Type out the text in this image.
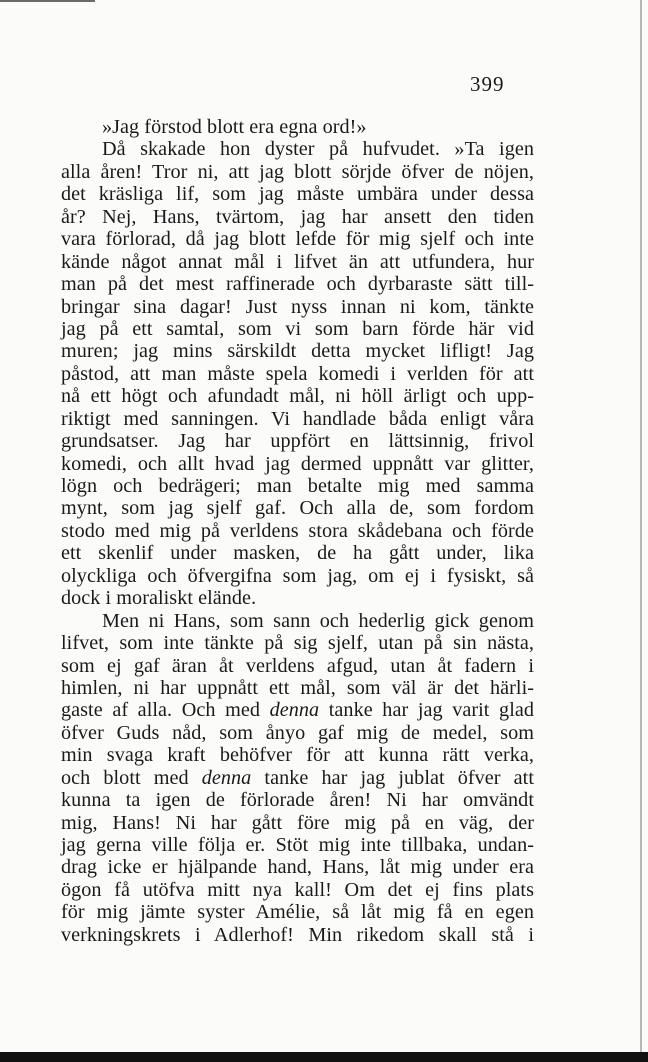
399
»Jag förstod blott era egna ord!»
Då skakade hon dyster på hufvudet. »Ta igen
alla åren! Tror ni, att jag blott sörjde öfver de nöjen,
det kräsliga lif, som jag måste umbära under dessa
år? Nej, Hans, tvärtom, jag har ansett den tiden
vara förlorad, då jag blott lefde för mig sjelf och inte
kände något annat mål i lifvet än att utfundera, hur
man på det mest raffinerade och dyrbaraste sätt till-
bringar sina dagar! Just nyss innan ni kom, tänkte
jag på ett samtal, som vi som barn förde här vid
muren; jag mins särskildt detta mycket lifligt! Jag
påstod, att man måste spela komedi i verlden för att
nå ett högt och afundadt mål, ni höll ärligt och upp-
riktigt med sanningen. Vi handlade båda enligt våra
grundsatser. Jag har uppfört en lättsinnig, frivol
komedi, och allt hvad jag dermed uppnått var glitter,
lögn och bedrägeri; man betalte mig med samma
mynt, som jag sjelf gaf. Och alla de, som fordom
stodo med mig på verldens stora skådebana och förde
ett skenlif under masken, de ha gått under, lika
olyckliga och öfvergifna som jag, om ej i fysiskt, så
dock i moraliskt elände.
Men ni Hans, som sann och hederlig gick genom
lifvet, som inte tänkte på sig sjelf, utan på sin nästa,
som ej gaf äran åt verldens afgud, utan åt fadern i
himlen, ni har uppnått ett mål, som väl är det härli-
gaste af alla. Och med denna tanke har jag varit glad
öfver Guds nåd, som ånyo gaf mig de medel, som
min svaga kraft behöfver för att kunna rätt verka,
och blott med denna tanke har jag jublat öfver att
kunna ta igen de förlorade åren! Ni har omvändt
mig, Hans! Ni har gått före mig på en väg, der
jag gerna ville följa er. Stöt mig inte tillbaka, undan-
drag icke er hjälpande hand, Hans, låt mig under era
ögon få utöfva mitt nya kall! Om det ej fins plats
för mig jämte syster Amélie, så låt mig få en egen
verkningskrets i Adlerhof! Min rikedom skall stå i
